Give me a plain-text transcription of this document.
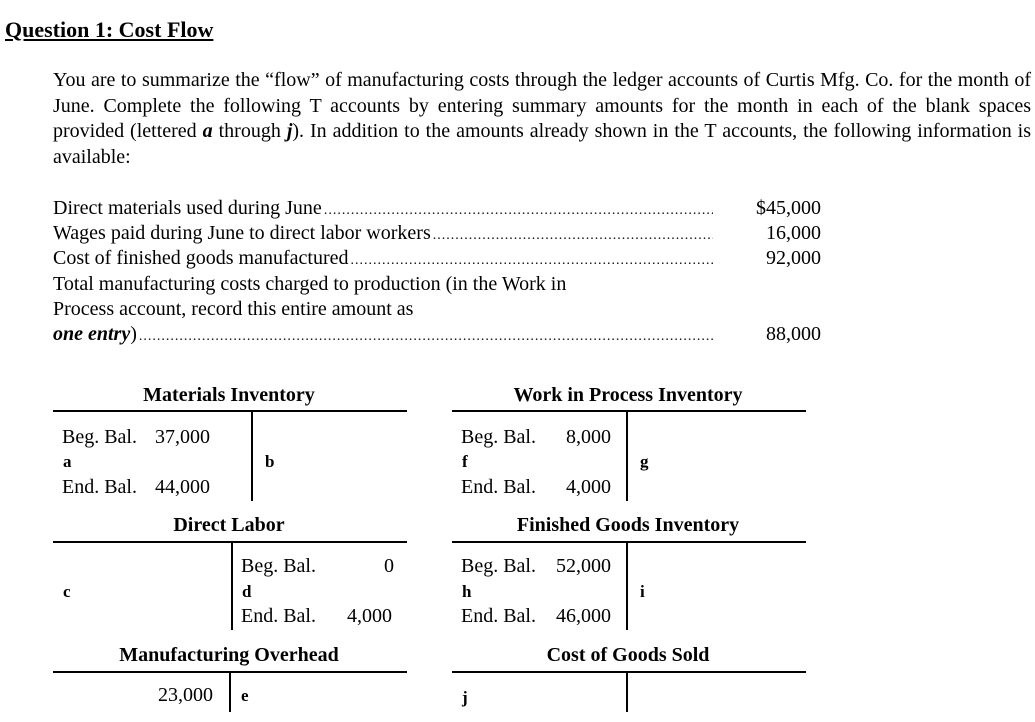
Question 1: Cost Flow
You are to summarize the “flow” of manufacturing costs through the ledger accounts of Curtis Mfg. Co. for the month of June. Complete the following T accounts by entering summary amounts for the month in each of the blank spaces provided (lettered a through j). In addition to the amounts already shown in the T accounts, the following information is available:
Direct materials used during June .....	$45,000
Wages paid during June to direct labor workers .....	16,000
Cost of finished goods manufactured .....	92,000
Total manufacturing costs charged to production (in the Work in
Process account, record this entire amount as
one entry) .....	88,000
Materials Inventory
Beg. Bal. 37,000
a	b
End. Bal. 44,000
Work in Process Inventory
Beg. Bal. 8,000
f	g
End. Bal. 4,000
Direct Labor
c
Beg. Bal.	0
d
End. Bal. 4,000
Finished Goods Inventory
Beg. Bal. 52,000
h	i
End. Bal. 46,000
Manufacturing Overhead
23,000 e
Cost of Goods Sold
j
